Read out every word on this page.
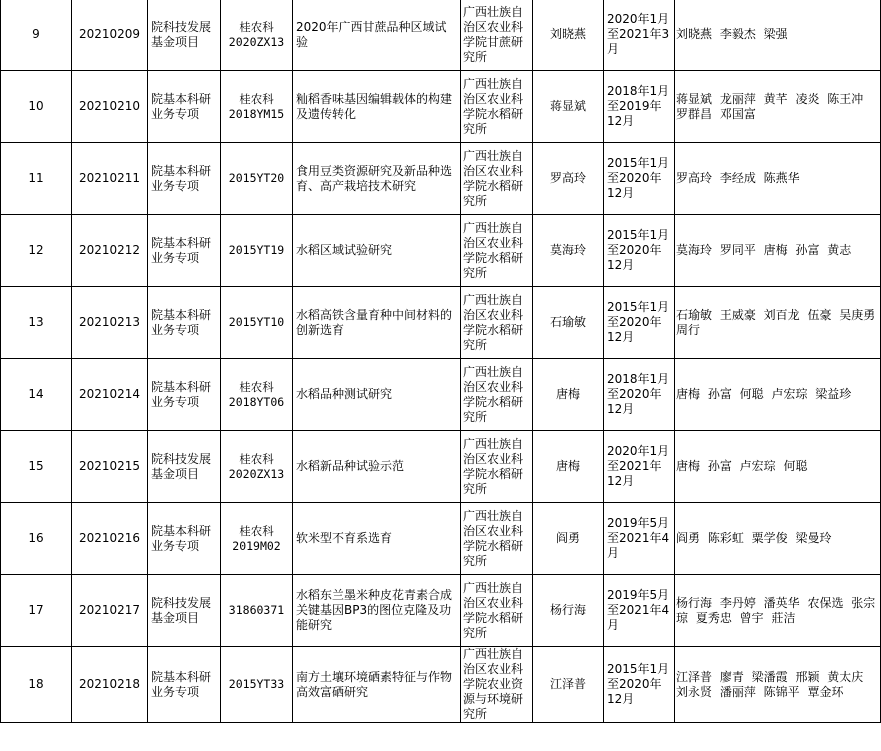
9	20210209	院科技发展基金项目	桂农科2020ZX13	2020年广西甘蔗品种区域试验	广西壮族自治区农业科学院甘蔗研究所	刘晓燕	2020年1月至2021年3月	刘晓燕 李毅杰 梁强
10	20210210	院基本科研业务专项	桂农科2018YM15	籼稻香味基因编辑载体的构建及遗传转化	广西壮族自治区农业科学院水稻研究所	蒋显斌	2018年1月至2019年12月	蒋显斌 龙丽萍 黄芊 凌炎 陈王冲 罗群昌 邓国富
11	20210211	院基本科研业务专项	2015YT20	食用豆类资源研究及新品种选育、高产栽培技术研究	广西壮族自治区农业科学院水稻研究所	罗高玲	2015年1月至2020年12月	罗高玲 李经成 陈燕华
12	20210212	院基本科研业务专项	2015YT19	水稻区域试验研究	广西壮族自治区农业科学院水稻研究所	莫海玲	2015年1月至2020年12月	莫海玲 罗同平 唐梅 孙富 黄志
13	20210213	院基本科研业务专项	2015YT10	水稻高铁含量育种中间材料的创新选育	广西壮族自治区农业科学院水稻研究所	石瑜敏	2015年1月至2020年12月	石瑜敏 王威豪 刘百龙 伍豪 吴庚勇 周行
14	20210214	院基本科研业务专项	桂农科2018YT06	水稻品种测试研究	广西壮族自治区农业科学院水稻研究所	唐梅	2018年1月至2020年12月	唐梅 孙富 何聪 卢宏琮 梁益珍
15	20210215	院科技发展基金项目	桂农科2020ZX13	水稻新品种试验示范	广西壮族自治区农业科学院水稻研究所	唐梅	2020年1月至2021年12月	唐梅 孙富 卢宏琮 何聪
16	20210216	院基本科研业务专项	桂农科2019M02	软米型不育系选育	广西壮族自治区农业科学院水稻研究所	阎勇	2019年5月至2021年4月	阎勇 陈彩虹 粟学俊 梁曼玲
17	20210217	院科技发展基金项目	31860371	水稻东兰墨米种皮花青素合成关键基因BP3的图位克隆及功能研究	广西壮族自治区农业科学院水稻研究所	杨行海	2019年5月至2021年4月	杨行海 李丹婷 潘英华 农保选 张宗琼 夏秀忠 曾宇 莊洁
18	20210218	院基本科研业务专项	2015YT33	南方土壤环境硒素特征与作物高效富硒研究	广西壮族自治区农业科学院农业资源与环境研究所	江泽普	2015年1月至2020年12月	江泽普 廖青 梁潘霞 邢颖 黄太庆 刘永贤 潘丽萍 陈锦平 覃金环
